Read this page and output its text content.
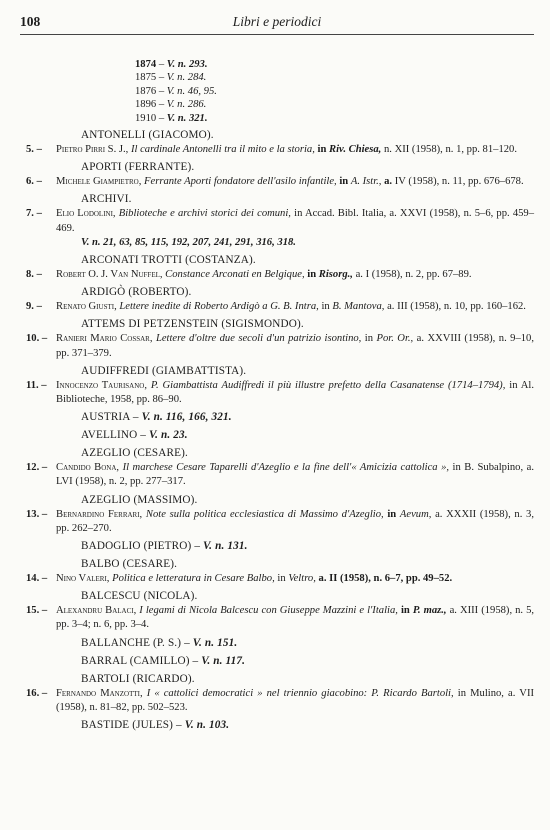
108	Libri e periodici
1874 – V. n. 293.
1875 – V. n. 284.
1876 – V. n. 46, 95.
1896 – V. n. 286.
1910 – V. n. 321.
ANTONELLI (GIACOMO).
5. –	Pietro Pirri S. J., Il cardinale Antonelli tra il mito e la storia, in Riv. Chiesa, n. XII (1958), n. 1, pp. 81–120.
APORTI (FERRANTE).
6. –	Michele Giampietro, Ferrante Aporti fondatore dell'asilo infantile, in A. Istr., a. IV (1958), n. 11, pp. 676–678.
ARCHIVI.
7. –	Elio Lodolini, Biblioteche e archivi storici dei comuni, in Accad. Bibl. Italia, a. XXVI (1958), n. 5–6, pp. 459–469.
V. n. 21, 63, 85, 115, 192, 207, 241, 291, 316, 318.
ARCONATI TROTTI (COSTANZA).
8. –	Robert O. J. Van Nuffel, Constance Arconati en Belgique, in Risorg., a. I (1958), n. 2, pp. 67–89.
ARDIGÒ (ROBERTO).
9. –	Renato Giusti, Lettere inedite di Roberto Ardigò a G. B. Intra, in B. Mantova, a. III (1958), n. 10, pp. 160–162.
ATTEMS DI PETZENSTEIN (SIGISMONDO).
10. – Ranieri Mario Cossar, Lettere d'oltre due secoli d'un patrizio isontino, in Por. Or., a. XXVIII (1958), n. 9–10, pp. 371–379.
AUDIFFREDI (GIAMBATTISTA).
11. – Innocenzo Taurisano, P. Giambattista Audiffredi il più illustre prefetto della Casanatense (1714–1794), in Al. Biblioteche, 1958, pp. 86–90.
AUSTRIA – V. n. 116, 166, 321.
AVELLINO – V. n. 23.
AZEGLIO (CESARE).
12. – Candido Bona, Il marchese Cesare Taparelli d'Azeglio e la fine dell'« Amicizia cattolica », in B. Subalpino, a. LVI (1958), n. 2, pp. 277–317.
AZEGLIO (MASSIMO).
13. – Bernardino Ferrari, Note sulla politica ecclesiastica di Massimo d'Azeglio, in Aevum, a. XXXII (1958), n. 3, pp. 262–270.
BADOGLIO (PIETRO) – V. n. 131.
BALBO (CESARE).
14. – Nino Valeri, Politica e letteratura in Cesare Balbo, in Veltro, a. II (1958), n. 6–7, pp. 49–52.
BALCESCU (NICOLA).
15. – Alexandru Balaci, I legami di Nicola Balcescu con Giuseppe Mazzini e l'Italia, in P. maz., a. XIII (1958), n. 5, pp. 3–4; n. 6, pp. 3–4.
BALLANCHE (P. S.) – V. n. 151.
BARRAL (CAMILLO) – V. n. 117.
BARTOLI (RICARDO).
16. – Fernando Manzotti, I « cattolici democratici » nel triennio giacobino: P. Ricardo Bartoli, in Mulino, a. VII (1958), n. 81–82, pp. 502–523.
BASTIDE (JULES) – V. n. 103.
